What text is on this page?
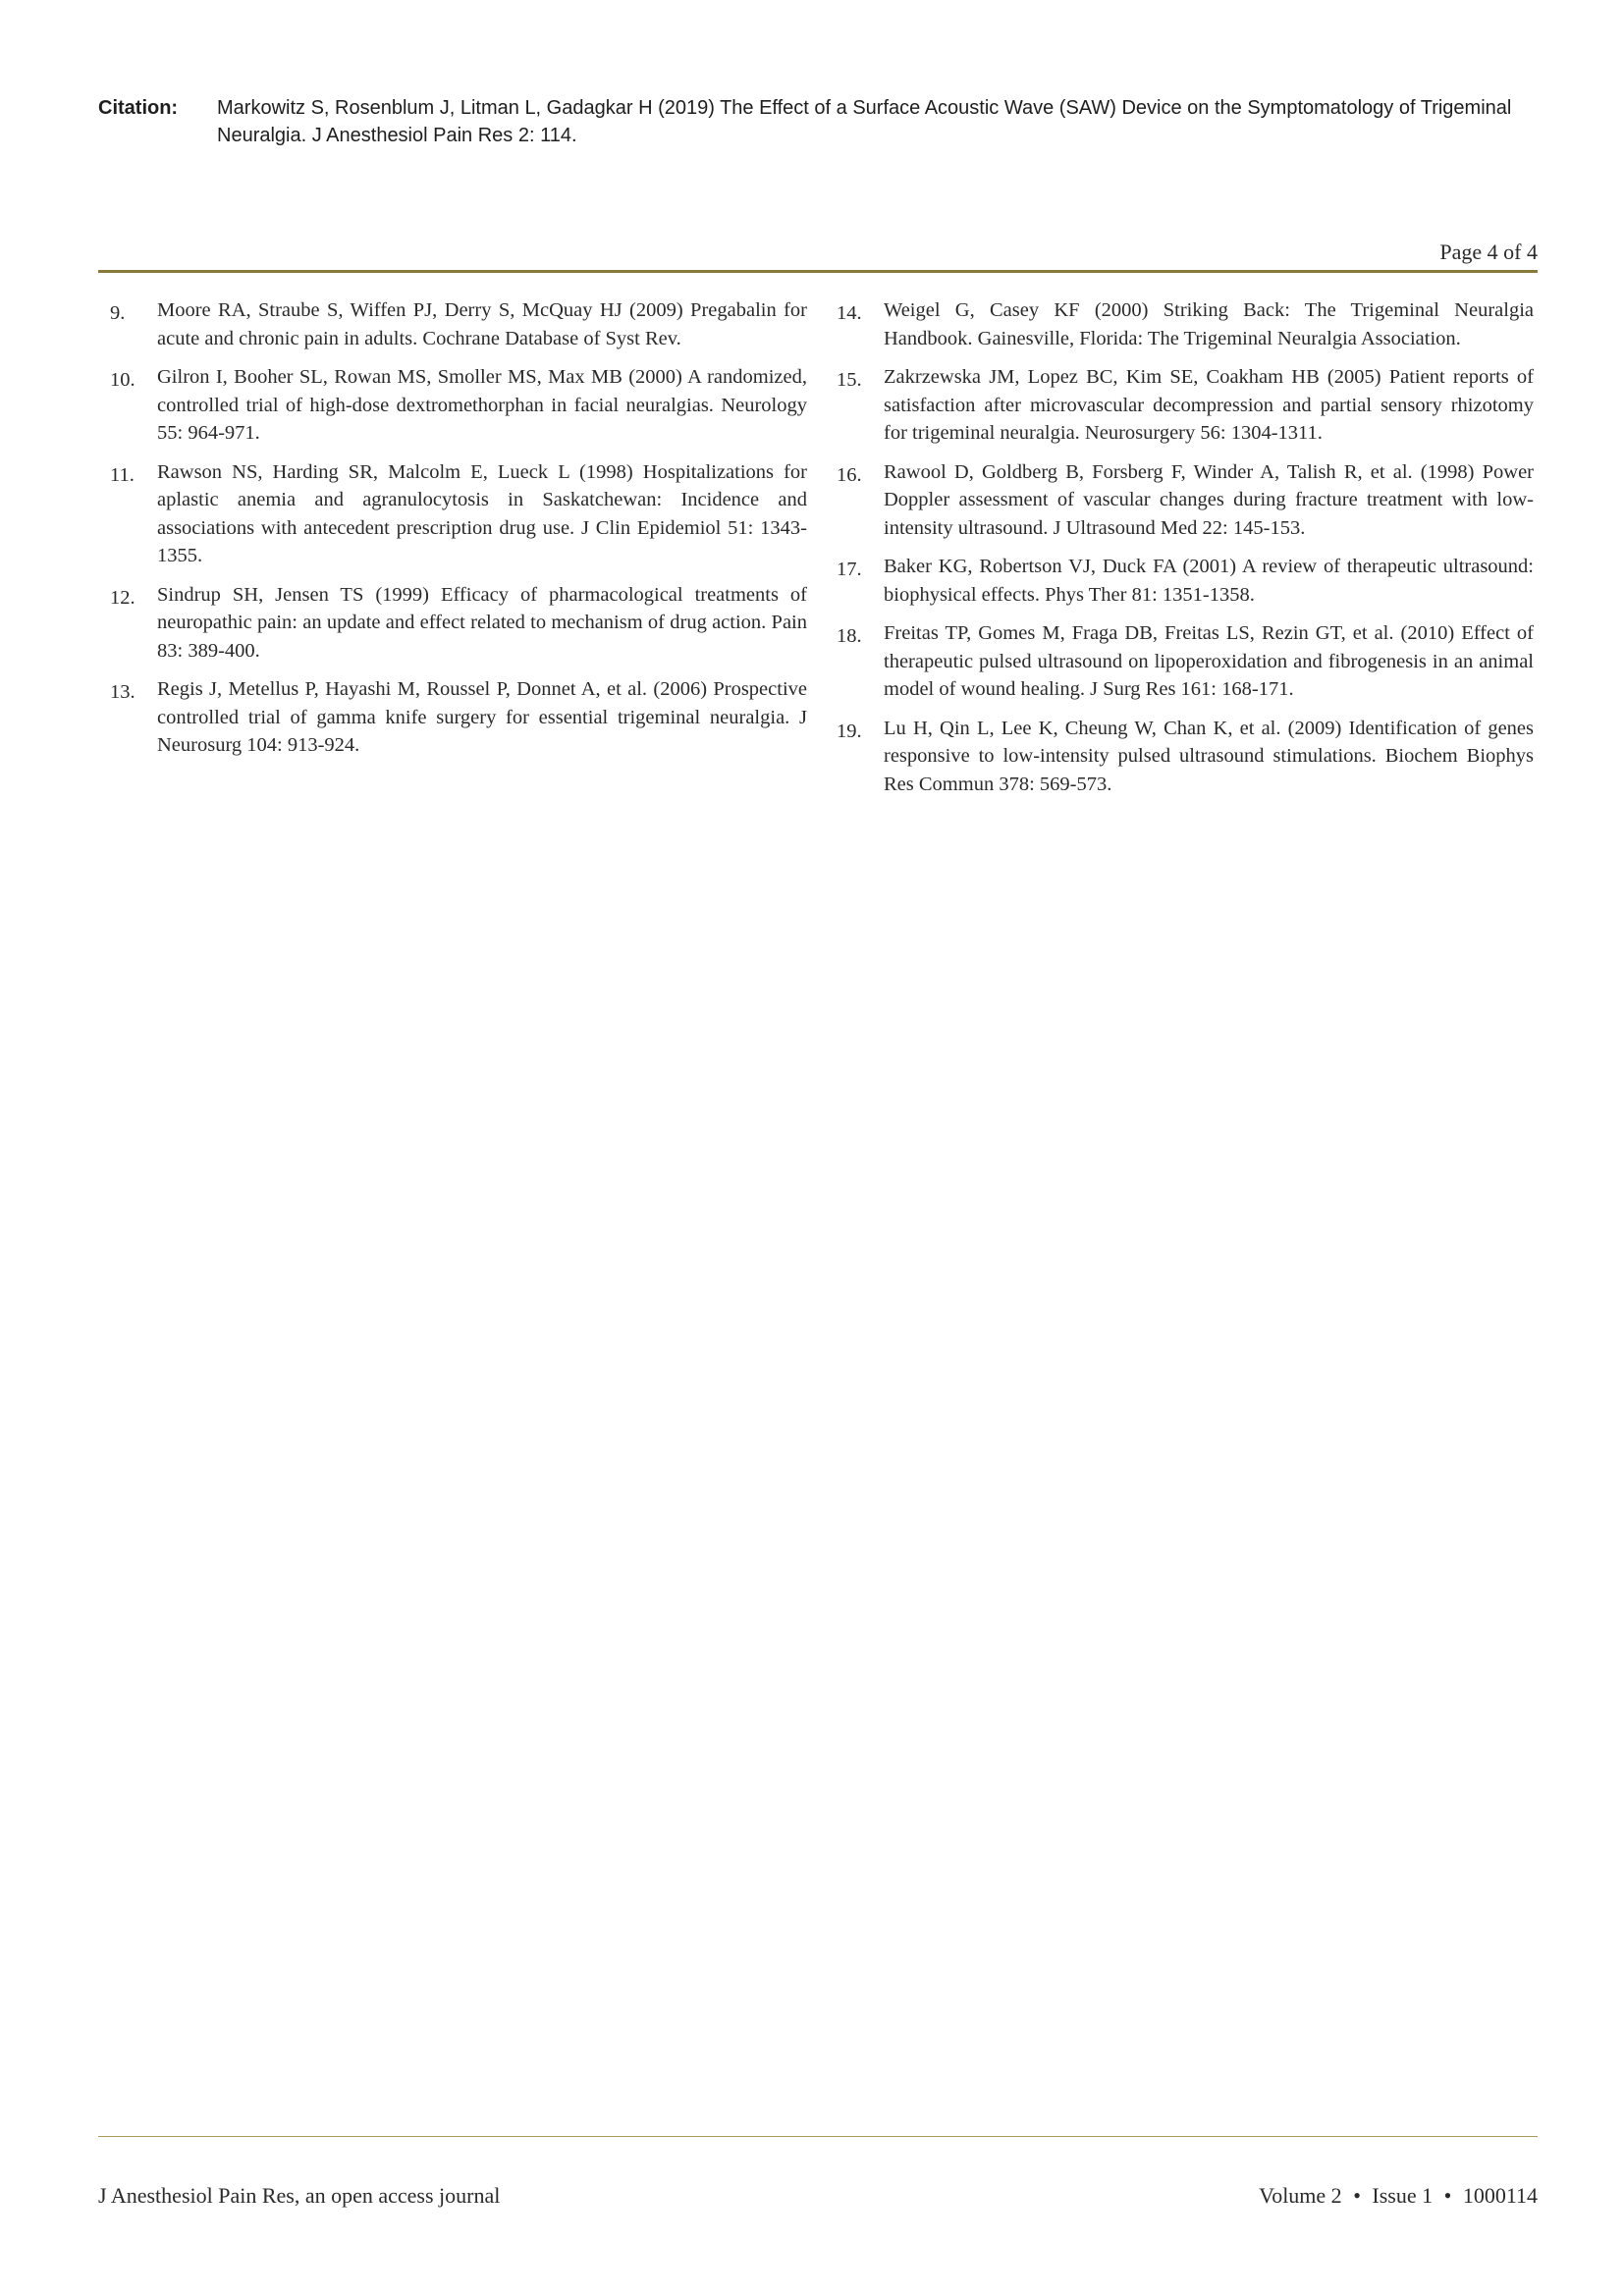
Citation: Markowitz S, Rosenblum J, Litman L, Gadagkar H (2019) The Effect of a Surface Acoustic Wave (SAW) Device on the Symptomatology of Trigeminal Neuralgia. J Anesthesiol Pain Res 2: 114.
Page 4 of 4
9. Moore RA, Straube S, Wiffen PJ, Derry S, McQuay HJ (2009) Pregabalin for acute and chronic pain in adults. Cochrane Database of Syst Rev.
10. Gilron I, Booher SL, Rowan MS, Smoller MS, Max MB (2000) A randomized, controlled trial of high-dose dextromethorphan in facial neuralgias. Neurology 55: 964-971.
11. Rawson NS, Harding SR, Malcolm E, Lueck L (1998) Hospitalizations for aplastic anemia and agranulocytosis in Saskatchewan: Incidence and associations with antecedent prescription drug use. J Clin Epidemiol 51: 1343-1355.
12. Sindrup SH, Jensen TS (1999) Efficacy of pharmacological treatments of neuropathic pain: an update and effect related to mechanism of drug action. Pain 83: 389-400.
13. Regis J, Metellus P, Hayashi M, Roussel P, Donnet A, et al. (2006) Prospective controlled trial of gamma knife surgery for essential trigeminal neuralgia. J Neurosurg 104: 913-924.
14. Weigel G, Casey KF (2000) Striking Back: The Trigeminal Neuralgia Handbook. Gainesville, Florida: The Trigeminal Neuralgia Association.
15. Zakrzewska JM, Lopez BC, Kim SE, Coakham HB (2005) Patient reports of satisfaction after microvascular decompression and partial sensory rhizotomy for trigeminal neuralgia. Neurosurgery 56: 1304-1311.
16. Rawool D, Goldberg B, Forsberg F, Winder A, Talish R, et al. (1998) Power Doppler assessment of vascular changes during fracture treatment with low-intensity ultrasound. J Ultrasound Med 22: 145-153.
17. Baker KG, Robertson VJ, Duck FA (2001) A review of therapeutic ultrasound: biophysical effects. Phys Ther 81: 1351-1358.
18. Freitas TP, Gomes M, Fraga DB, Freitas LS, Rezin GT, et al. (2010) Effect of therapeutic pulsed ultrasound on lipoperoxidation and fibrogenesis in an animal model of wound healing. J Surg Res 161: 168-171.
19. Lu H, Qin L, Lee K, Cheung W, Chan K, et al. (2009) Identification of genes responsive to low-intensity pulsed ultrasound stimulations. Biochem Biophys Res Commun 378: 569-573.
J Anesthesiol Pain Res, an open access journal	Volume 2 • Issue 1 • 1000114
